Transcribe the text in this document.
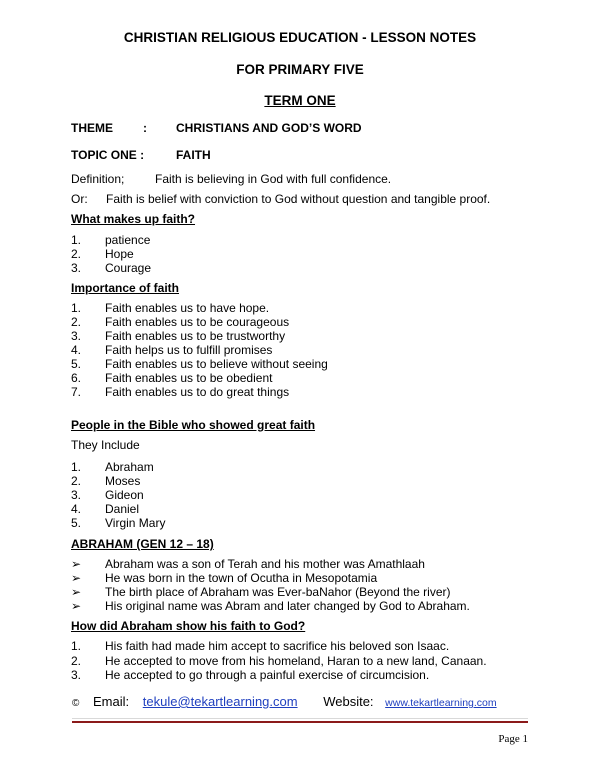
CHRISTIAN RELIGIOUS EDUCATION - LESSON NOTES
FOR PRIMARY FIVE
TERM ONE
THEME	: CHRISTIANS AND GOD’S WORD
TOPIC ONE :	FAITH
Definition;	Faith is believing in God with full confidence.
Or: Faith is belief with conviction to God without question and tangible proof.
What makes up faith?
1. patience
2. Hope
3. Courage
Importance of faith
1. Faith enables us to have hope.
2. Faith enables us to be courageous
3. Faith enables us to be trustworthy
4. Faith helps us to fulfill promises
5. Faith enables us to believe without seeing
6. Faith enables us to be obedient
7. Faith enables us to do great things
People in the Bible who showed great faith
They Include
1. Abraham
2. Moses
3. Gideon
4. Daniel
5. Virgin Mary
ABRAHAM (GEN 12 – 18)
➢ Abraham was a son of Terah and his mother was Amathlaah
➢ He was born in the town of Ocutha in Mesopotamia
➢ The birth place of Abraham was Ever-baNahor (Beyond the river)
➢ His original name was Abram and later changed by God to Abraham.
How did Abraham show his faith to God?
1. His faith had made him accept to sacrifice his beloved son Isaac.
2. He accepted to move from his homeland, Haran to a new land, Canaan.
3. He accepted to go through a painful exercise of circumcision.
© Email: tekule@tekartlearning.com Website: www.tekartlearning.com
Page 1
